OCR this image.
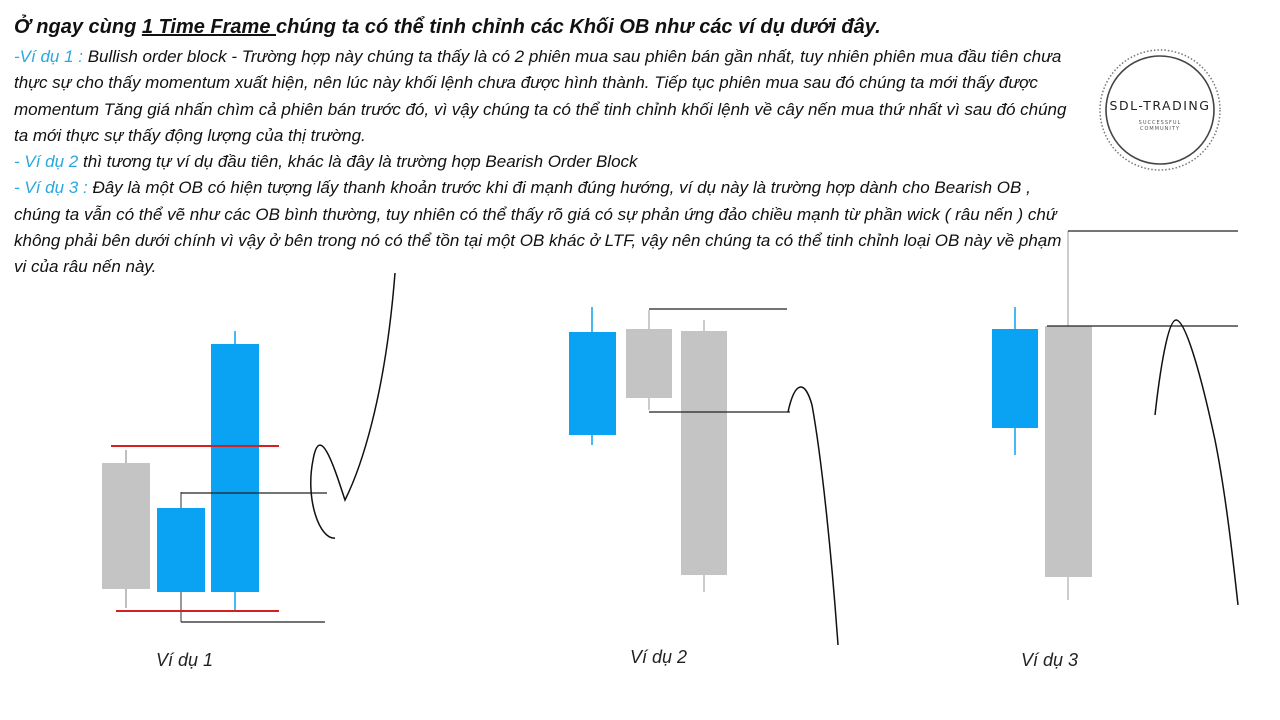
Ở ngay cùng 1 Time Frame chúng ta có thể tinh chỉnh các Khối OB như các ví dụ dưới đây.

-Ví dụ 1 : Bullish order block - Trường hợp này chúng ta thấy là có 2 phiên mua sau phiên bán gần nhất, tuy nhiên phiên mua đầu tiên chưa thực sự cho thấy momentum xuất hiện, nên lúc này khối lệnh chưa được hình thành. Tiếp tục phiên mua sau đó chúng ta mới thấy được momentum Tăng giá nhấn chìm cả phiên bán trước đó, vì vậy chúng ta có thể tinh chỉnh khối lệnh về cây nến mua thứ nhất vì sau đó chúng ta mới thực sự thấy động lượng của thị trường.

- Ví dụ 2 thì tương tự ví dụ đầu tiên, khác là đây là trường hợp Bearish Order Block

- Ví dụ 3 : Đây là một OB có hiện tượng lấy thanh khoản trước khi đi mạnh đúng hướng, ví dụ này là trường hợp dành cho Bearish OB , chúng ta vẫn có thể vẽ như các OB bình thường, tuy nhiên có thể thấy rõ giá có sự phản ứng đảo chiều mạnh từ phần wick ( râu nến ) chứ không phải bên dưới chính vì vậy ở bên trong nó có thể tồn tại một OB khác ở LTF, vậy nên chúng ta có thể tinh chỉnh loại OB này về phạm vi của râu nến này.

SDL-TRADING
SUCCESSFUL
COMMUNITY
Ví dụ 1	Ví dụ 2	Ví dụ 3
